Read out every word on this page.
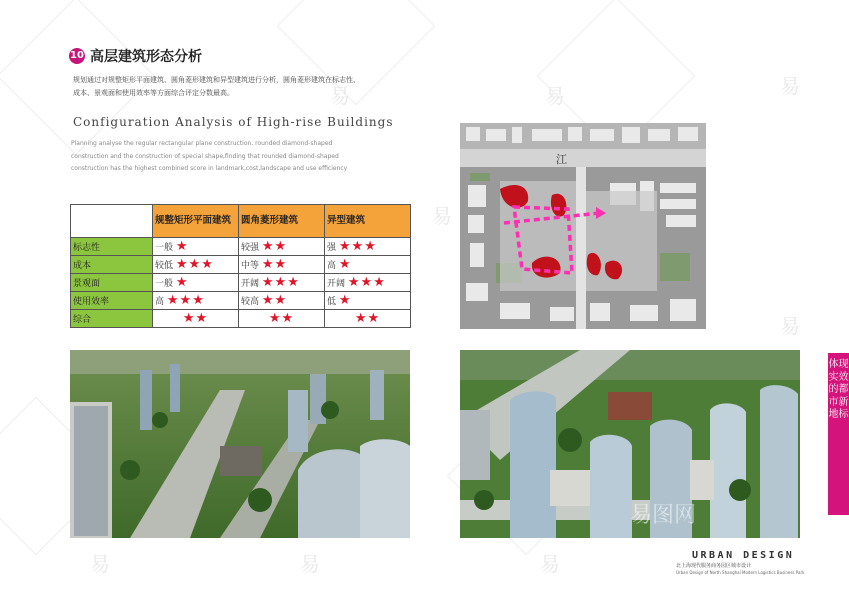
易
易	易
易
易
易	易
易
10 高层建筑形态分析
规划通过对规整矩形平面建筑、圆角菱形建筑和异型建筑进行分析，圆角菱形建筑在标志性、成本、景观面和使用效率等方面综合评定分数最高。
Configuration Analysis of High-rise Buildings
Planning analyse the regular rectangular plane construction, rounded diamond-shaped construction and the construction of special shape,finding that rounded diamond-shaped construction has the highest combined score in landmark,cost,landscape and use efficiency
	规整矩形平面建筑	圆角菱形建筑	异型建筑
标志性	一般 ★	较强 ★★	强 ★★★
成本	较低 ★★★	中等 ★★	高 ★
景观面	一般 ★	开阔 ★★★	开阔 ★★★
使用效率	高 ★★★	较高 ★★	低 ★
综合	★★	★★	★★
江
易图网
体现实效的都市新地标
URBAN DESIGN
北上海现代服务商务园区城市设计
Urban Design of North Shanghai Modern Logistics Business Park
